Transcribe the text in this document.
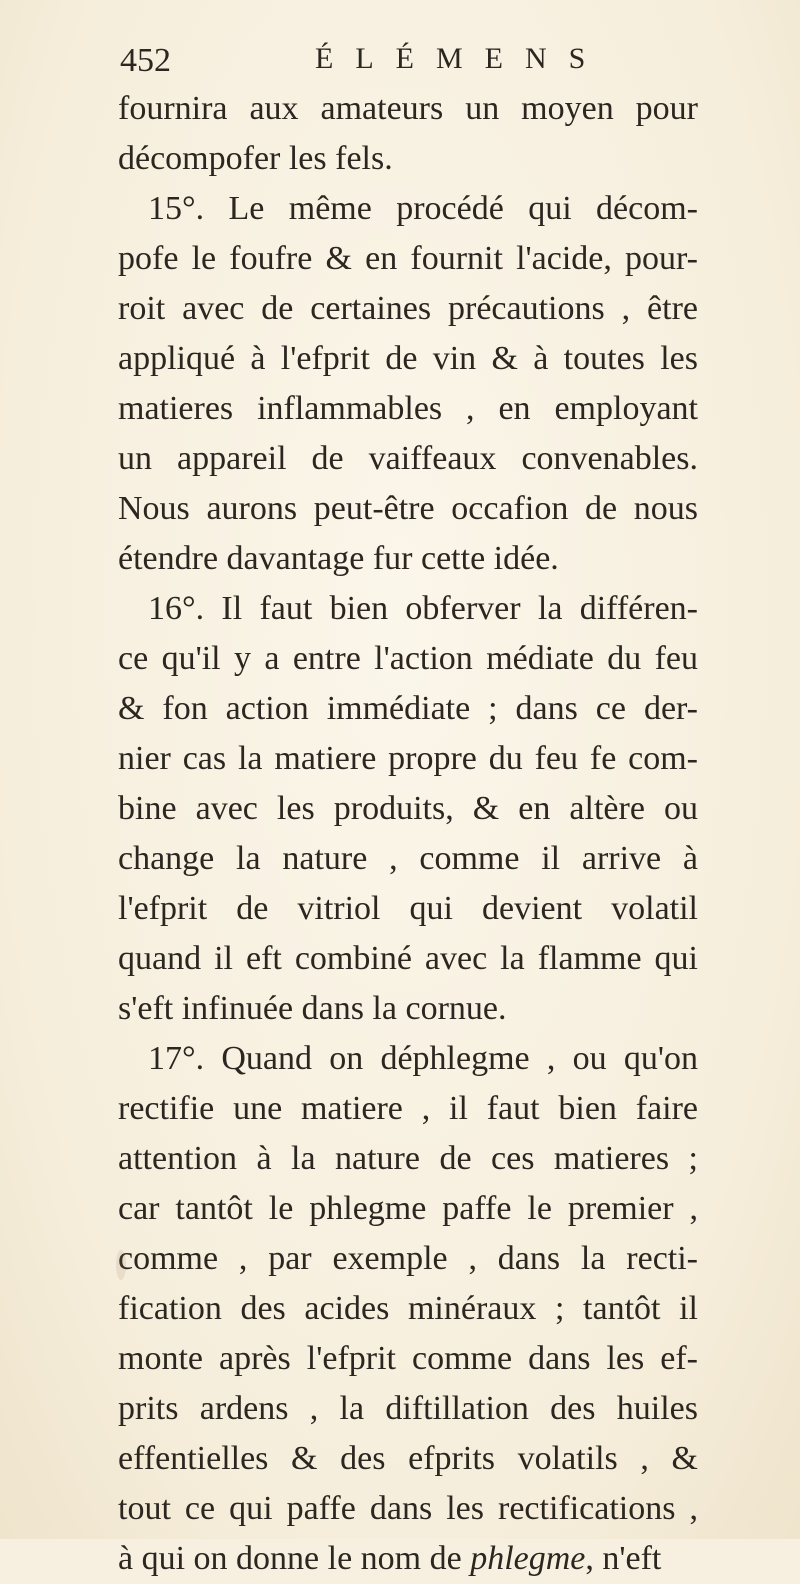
452	ÉLÉMENS
fournira aux amateurs un moyen pour
décompofer les fels.
15°. Le même procédé qui décom-
pofe le foufre & en fournit l'acide, pour-
roit avec de certaines précautions , être
appliqué à l'efprit de vin & à toutes les
matieres inflammables , en employant
un appareil de vaiffeaux convenables.
Nous aurons peut-être occafion de nous
étendre davantage fur cette idée.
16°. Il faut bien obferver la différen-
ce qu'il y a entre l'action médiate du feu
& fon action immédiate ; dans ce der-
nier cas la matiere propre du feu fe com-
bine avec les produits, & en altère ou
change la nature , comme il arrive à
l'efprit de vitriol qui devient volatil
quand il eft combiné avec la flamme qui
s'eft infinuée dans la cornue.
17°. Quand on déphlegme , ou qu'on
rectifie une matiere , il faut bien faire
attention à la nature de ces matieres ;
car tantôt le phlegme paffe le premier ,
comme , par exemple , dans la recti-
fication des acides minéraux ; tantôt il
monte après l'efprit comme dans les ef-
prits ardens , la diftillation des huiles
effentielles & des efprits volatils , &
tout ce qui paffe dans les rectifications ,
à qui on donne le nom de phlegme, n'eft
